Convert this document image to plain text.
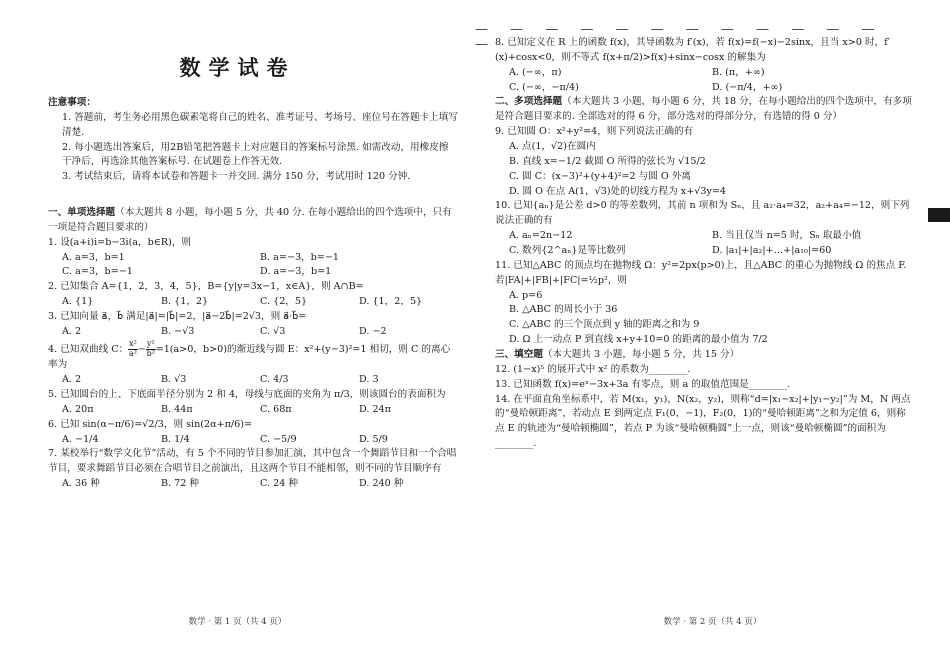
数学试卷
注意事项：
1. 答题前，考生务必用黑色碳素笔将自己的姓名、准考证号、考场号、座位号在答题卡上填写清楚.
2. 每小题选出答案后，用2B铅笔把答题卡上对应题目的答案标号涂黑. 如需改动，用橡皮擦干净后，再选涂其他答案标号. 在试题卷上作答无效.
3. 考试结束后，请将本试卷和答题卡一并交回. 满分 150 分，考试用时 120 分钟.
一、单项选择题（本大题共 8 小题，每小题 5 分，共 40 分. 在每小题给出的四个选项中，只有一项是符合题目要求的）
1. 设(a+i)i=b−3i(a，b∈R)，则
A. a=3，b=1	B. a=−3，b=−1
C. a=3，b=−1	D. a=−3，b=1
2. 已知集合 A={1，2，3，4，5}，B={y|y=3x−1，x∈A}，则 A∩B=
A. {1}	B. {1，2}	C. {2，5}	D. {1，2，5}
3. 已知向量 a⃗，b⃗ 满足|a⃗|=|b⃗|=2，|a⃗−2b⃗|=2√3，则 a⃗·b⃗=
A. 2	B. −√3	C. √3	D. −2
4. 已知双曲线 C： $\frac{\text{x²}}{\text{a²}} - \frac{\text{y²}}{\text{b²}} =1(a>0$，b>0)的渐近线与圆 E：x²+(y−3)²=1 相切，则 C 的离心率为
A. 2	B. √3	C. 4/3	D. 3
5. 已知圆台的上、下底面半径分别为 2 和 4，母线与底面的夹角为 π/3，则该圆台的表面积为
A. 20π	B. 44π	C. 68π	D. 24π
6. 已知 sin(α−π/6)=√2/3，则 sin(2α+π/6)=
A. −1/4	B. 1/4	C. −5/9	D. 5/9
7. 某校举行“数学文化节”活动，有 5 个不同的节目参加汇演，其中包含一个舞蹈节目和一个合唱节目，要求舞蹈节目必须在合唱节目之前演出，且这两个节目不能相邻，则不同的节目顺序有
A. 36 种	B. 72 种	C. 24 种	D. 240 种
数学 · 第 1 页（共 4 页）
— — — — — — — — — — — — —
8. 已知定义在 R 上的函数 f(x)，其导函数为 f′(x)，若 f(x)=f(−x)−2sinx，且当 x>0 时，f′(x)+cosx<0，则不等式 f(x+π/2)>f(x)+sinx−cosx 的解集为
A. (−∞，π)	B. (π，+∞)
C. (−∞，−π/4)	D. (−π/4，+∞)
二、多项选择题（本大题共 3 小题，每小题 6 分，共 18 分，在每小题给出的四个选项中，有多项是符合题目要求的. 全部选对的得 6 分，部分选对的得部分分，有选错的得 0 分）
9. 已知圆 O：x²+y²=4，则下列说法正确的有
A. 点(1，√2)在圆内
B. 直线 x=−1/2 截圆 O 所得的弦长为 √15/2
C. 圆 C：(x−3)²+(y+4)²=2 与圆 O 外离
D. 圆 O 在点 A(1，√3)处的切线方程为 x+√3y=4
10. 已知{aₙ}是公差 d>0 的等差数列，其前 n 项和为 Sₙ，且 a₂·a₄=32，a₂+a₄=−12，则下列说法正确的有
A. aₙ=2n−12	B. 当且仅当 n=5 时，Sₙ 取最小值
C. 数列{2^aₙ}是等比数列	D. |a₁|+|a₂|+…+|a₁₀|=60
11. 已知△ABC 的顶点均在抛物线 Ω：y²=2px(p>0)上，且△ABC 的重心为抛物线 Ω 的焦点 F. 若|FA|+|FB|+|FC|=½p²，则
A. p=6
B. △ABC 的周长小于 36
C. △ABC 的三个顶点到 y 轴的距离之和为 9
D. Ω 上一动点 P 到直线 x+y+10=0 的距离的最小值为 7/2
三、填空题（本大题共 3 小题，每小题 5 分，共 15 分）
12. (1−x)⁵ 的展开式中 x² 的系数为________.
13. 已知函数 f(x)=eˣ−3x+3a 有零点，则 a 的取值范围是________.
14. 在平面直角坐标系中，若 M(x₁，y₁)，N(x₂，y₂)，则称“d=|x₁−x₂|+|y₁−y₂|”为 M，N 两点的“曼哈顿距离”，若动点 E 到两定点 F₁(0，−1)，F₂(0，1)的“曼哈顿距离”之和为定值 6，则称点 E 的轨迹为“曼哈顿椭圆”，若点 P 为该“曼哈顿椭圆”上一点，则该“曼哈顿椭圆”的面积为________.
数学 · 第 2 页（共 4 页）
